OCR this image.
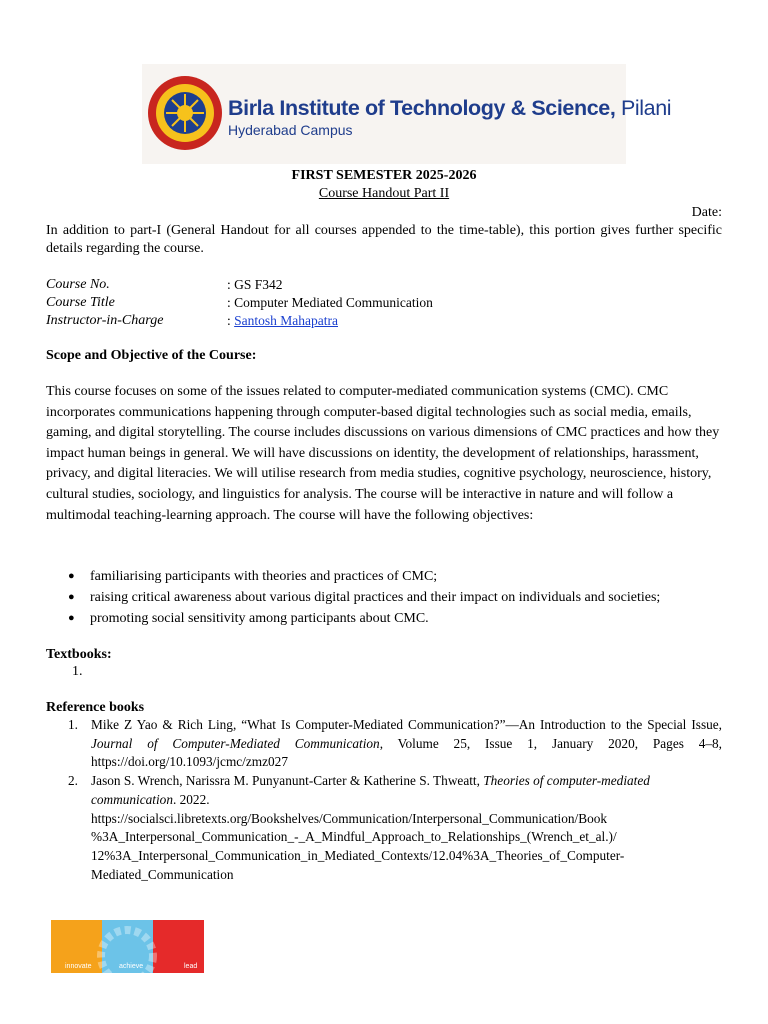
Birla Institute of Technology & Science, Pilani
Hyderabad Campus
FIRST SEMESTER 2025-2026
Course Handout Part II
Date:
In addition to part-I (General Handout for all courses appended to the time-table), this portion gives further specific details regarding the course.
Course No.	: GS F342
Course Title	: Computer Mediated Communication
Instructor-in-Charge	: Santosh Mahapatra
Scope and Objective of the Course:
This course focuses on some of the issues related to computer-mediated communication systems (CMC). CMC incorporates communications happening through computer-based digital technologies such as social media, emails, gaming, and digital storytelling. The course includes discussions on various dimensions of CMC practices and how they impact human beings in general. We will have discussions on identity, the development of relationships, harassment, privacy, and digital literacies. We will utilise research from media studies, cognitive psychology, neuroscience, history, cultural studies, sociology, and linguistics for analysis. The course will be interactive in nature and will follow a multimodal teaching-learning approach. The course will have the following objectives:
● familiarising participants with theories and practices of CMC;
● raising critical awareness about various digital practices and their impact on individuals and societies;
● promoting social sensitivity among participants about CMC.
Textbooks:
1.
Reference books
1. Mike Z Yao & Rich Ling, “What Is Computer-Mediated Communication?”—An Introduction to the Special Issue, Journal of Computer-Mediated Communication, Volume 25, Issue 1, January 2020, Pages 4–8, https://doi.org/10.1093/jcmc/zmz027
2. Jason S. Wrench, Narissra M. Punyanunt-Carter & Katherine S. Thweatt, Theories of computer-mediated communication. 2022.
https://socialsci.libretexts.org/Bookshelves/Communication/Interpersonal_Communication/Book
%3A_Interpersonal_Communication_-_A_Mindful_Approach_to_Relationships_(Wrench_et_al.)/
12%3A_Interpersonal_Communication_in_Mediated_Contexts/12.04%3A_Theories_of_Computer-
Mediated_Communication
innovate	achieve	lead
